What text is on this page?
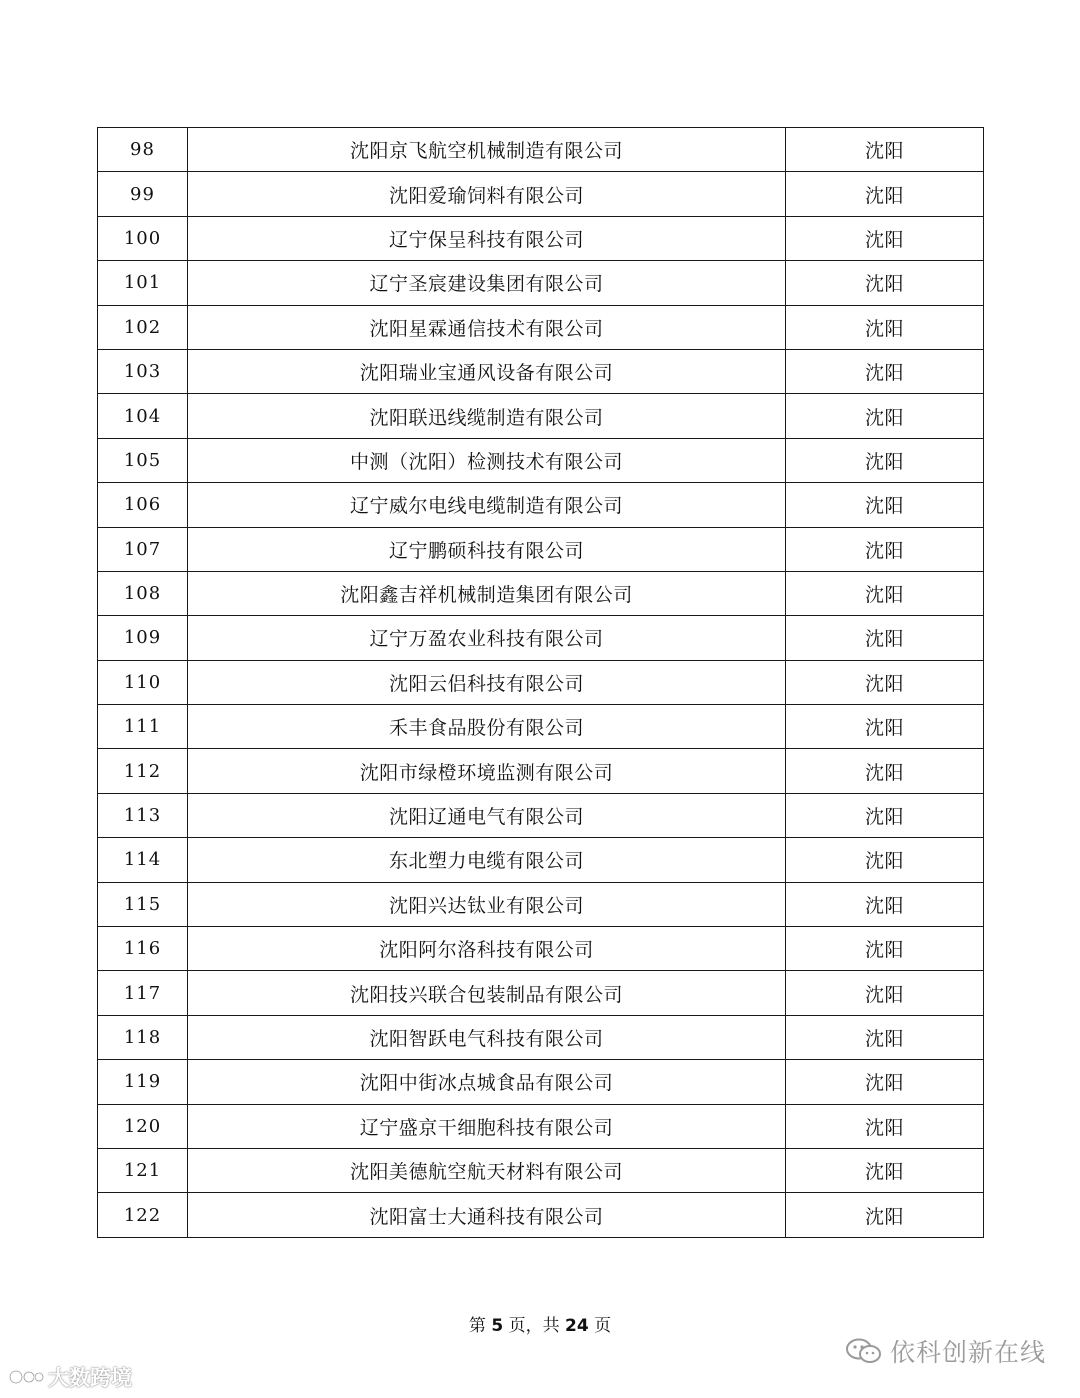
98	沈阳京飞航空机械制造有限公司	沈阳
99	沈阳爱瑜饲料有限公司	沈阳
100	辽宁保呈科技有限公司	沈阳
101	辽宁圣宸建设集团有限公司	沈阳
102	沈阳星霖通信技术有限公司	沈阳
103	沈阳瑞业宝通风设备有限公司	沈阳
104	沈阳联迅线缆制造有限公司	沈阳
105	中测（沈阳）检测技术有限公司	沈阳
106	辽宁威尔电线电缆制造有限公司	沈阳
107	辽宁鹏硕科技有限公司	沈阳
108	沈阳鑫吉祥机械制造集团有限公司	沈阳
109	辽宁万盈农业科技有限公司	沈阳
110	沈阳云侣科技有限公司	沈阳
111	禾丰食品股份有限公司	沈阳
112	沈阳市绿橙环境监测有限公司	沈阳
113	沈阳辽通电气有限公司	沈阳
114	东北塑力电缆有限公司	沈阳
115	沈阳兴达钛业有限公司	沈阳
116	沈阳阿尔洛科技有限公司	沈阳
117	沈阳技兴联合包装制品有限公司	沈阳
118	沈阳智跃电气科技有限公司	沈阳
119	沈阳中街冰点城食品有限公司	沈阳
120	辽宁盛京干细胞科技有限公司	沈阳
121	沈阳美德航空航天材料有限公司	沈阳
122	沈阳富士大通科技有限公司	沈阳
第 5 页，共 24 页
依科创新在线
大数跨境
